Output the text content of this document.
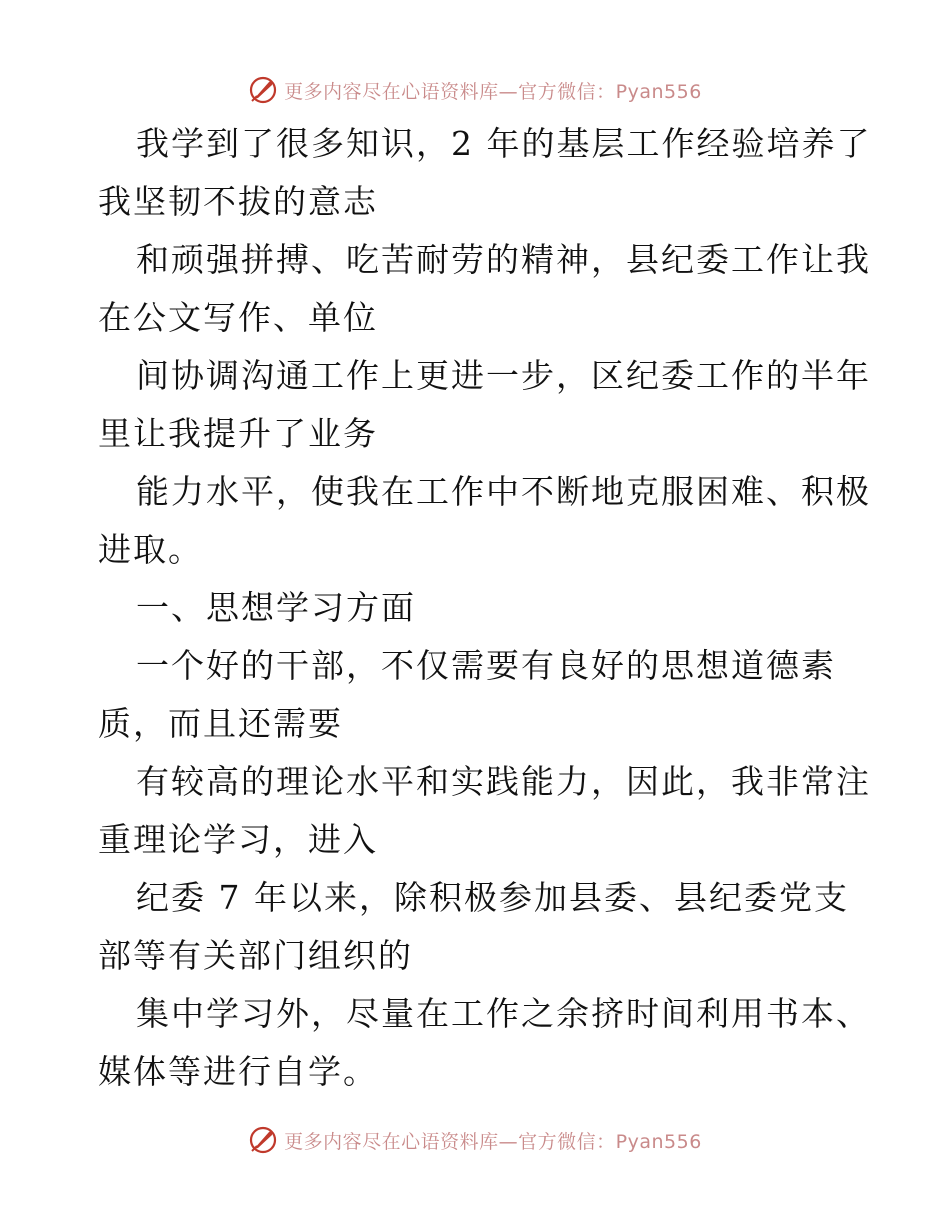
更多内容尽在心语资料库—官方微信：Pyan556
我学到了很多知识，2 年的基层工作经验培养了
我坚韧不拔的意志
和顽强拼搏、吃苦耐劳的精神，县纪委工作让我
在公文写作、单位
间协调沟通工作上更进一步，区纪委工作的半年
里让我提升了业务
能力水平，使我在工作中不断地克服困难、积极
进取。
一、思想学习方面
一个好的干部，不仅需要有良好的思想道德素
质，而且还需要
有较高的理论水平和实践能力，因此，我非常注
重理论学习，进入
纪委 7 年以来，除积极参加县委、县纪委党支
部等有关部门组织的
集中学习外，尽量在工作之余挤时间利用书本、
媒体等进行自学。
更多内容尽在心语资料库—官方微信：Pyan556
